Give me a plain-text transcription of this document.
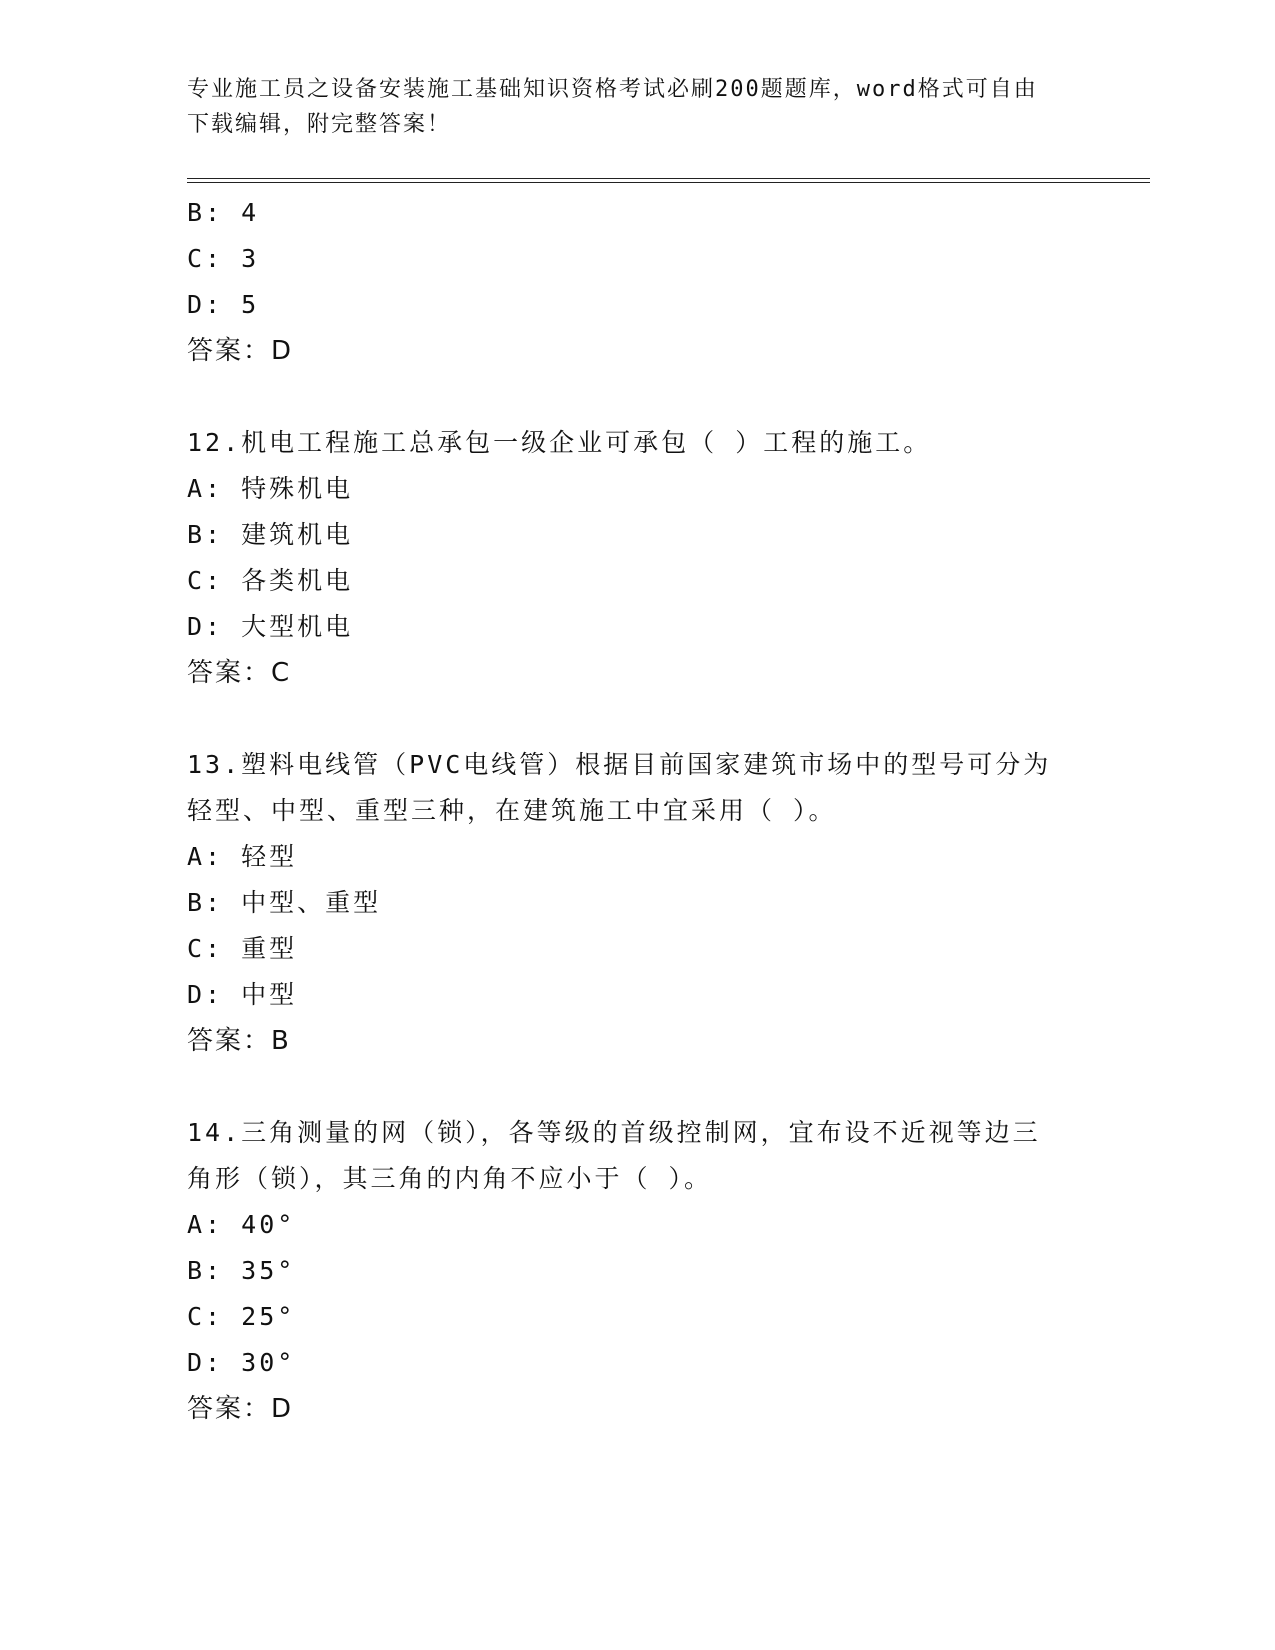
专业施工员之设备安装施工基础知识资格考试必刷200题题库，word格式可自由
下载编辑，附完整答案！
B: 4
C: 3
D: 5
答案：D
12.机电工程施工总承包一级企业可承包（ ）工程的施工。
A: 特殊机电
B: 建筑机电
C: 各类机电
D: 大型机电
答案：C
13.塑料电线管（PVC电线管）根据目前国家建筑市场中的型号可分为
轻型、中型、重型三种，在建筑施工中宜采用（ ）。
A: 轻型
B: 中型、重型
C: 重型
D: 中型
答案：B
14.三角测量的网（锁），各等级的首级控制网，宜布设不近视等边三
角形（锁），其三角的内角不应小于（ ）。
A: 40°
B: 35°
C: 25°
D: 30°
答案：D
